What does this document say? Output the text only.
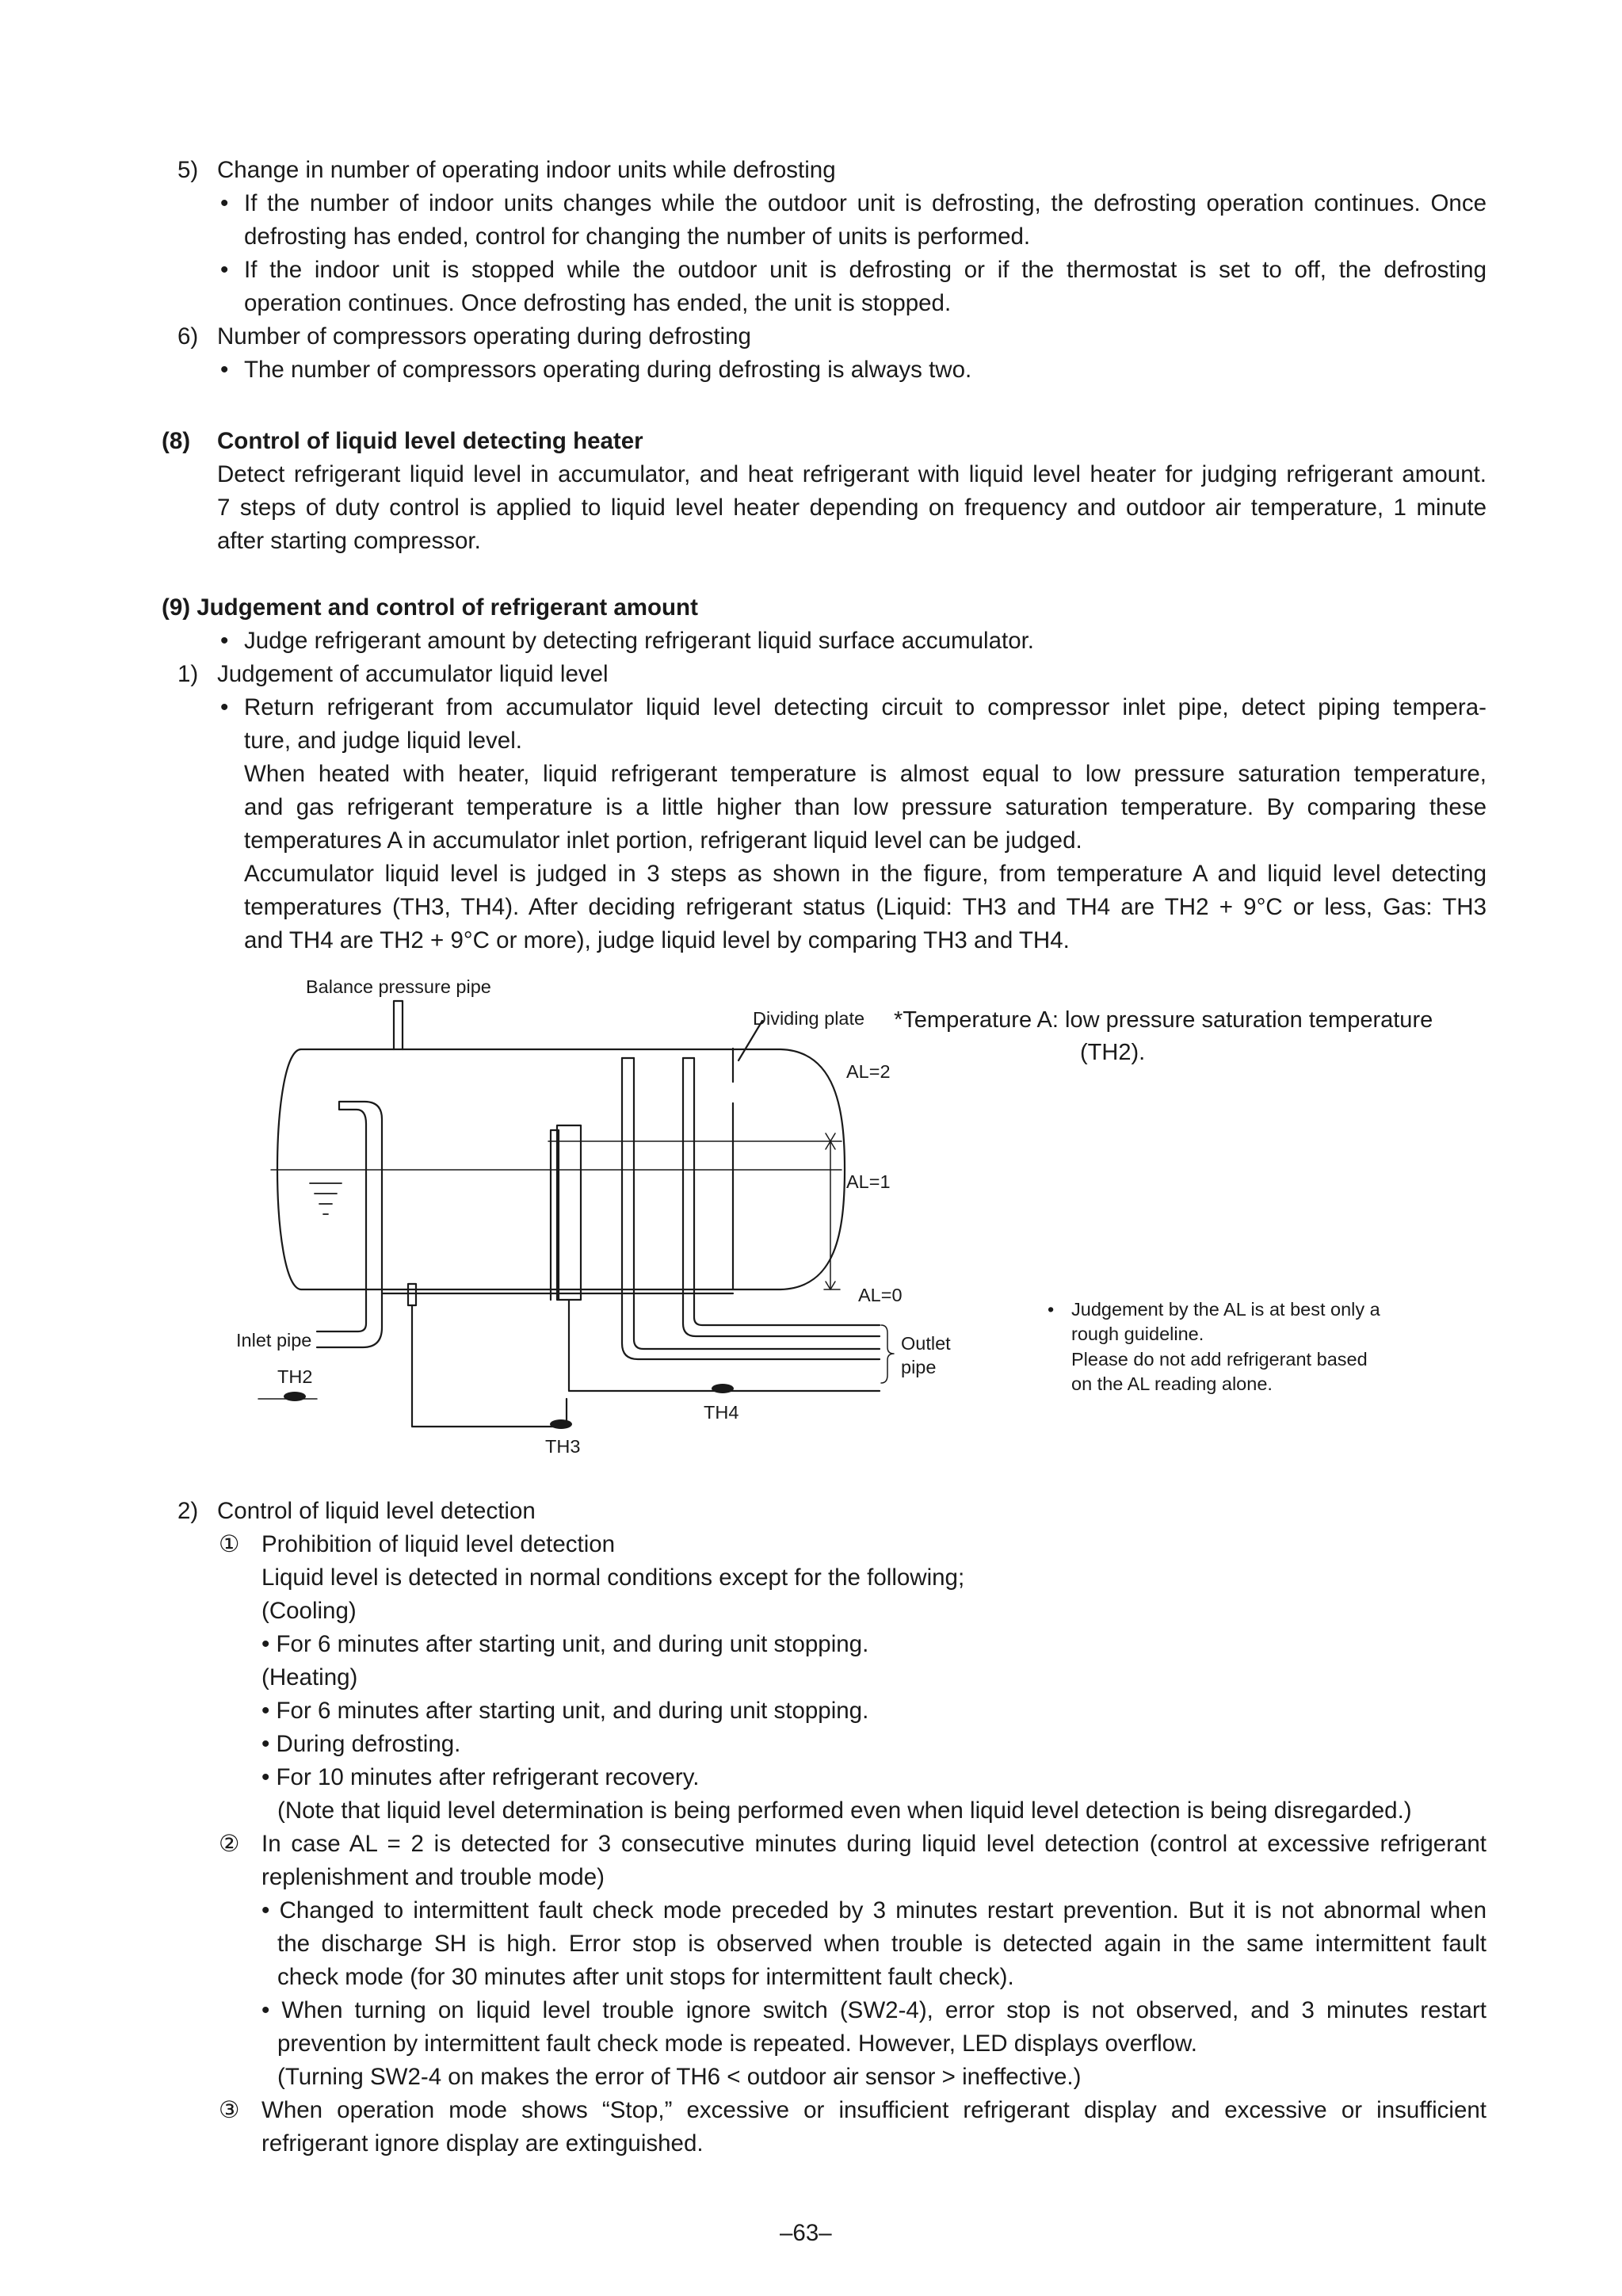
5) Change in number of operating indoor units while defrosting
• If the number of indoor units changes while the outdoor unit is defrosting, the defrosting operation continues. Once
defrosting has ended, control for changing the number of units is performed.
• If the indoor unit is stopped while the outdoor unit is defrosting or if the thermostat is set to off, the defrosting
operation continues. Once defrosting has ended, the unit is stopped.
6) Number of compressors operating during defrosting
• The number of compressors operating during defrosting is always two.
(8) Control of liquid level detecting heater
Detect refrigerant liquid level in accumulator, and heat refrigerant with liquid level heater for judging refrigerant amount.
7 steps of duty control is applied to liquid level heater depending on frequency and outdoor air temperature, 1 minute
after starting compressor.
(9) Judgement and control of refrigerant amount
• Judge refrigerant amount by detecting refrigerant liquid surface accumulator.
1) Judgement of accumulator liquid level
• Return refrigerant from accumulator liquid level detecting circuit to compressor inlet pipe, detect piping tempera-
ture, and judge liquid level.
When heated with heater, liquid refrigerant temperature is almost equal to low pressure saturation temperature,
and gas refrigerant temperature is a little higher than low pressure saturation temperature. By comparing these
temperatures A in accumulator inlet portion, refrigerant liquid level can be judged.
Accumulator liquid level is judged in 3 steps as shown in the figure, from temperature A and liquid level detecting
temperatures (TH3, TH4). After deciding refrigerant status (Liquid: TH3 and TH4 are TH2 + 9°C or less, Gas: TH3
and TH4 are TH2 + 9°C or more), judge liquid level by comparing TH3 and TH4.
Balance pressure pipe
Dividing plate
AL=2
AL=1
AL=0
Inlet pipe
TH2
TH3
TH4
Outlet
pipe
*Temperature A: low pressure saturation temperature
(TH2).
• Judgement by the AL is at best only a
rough guideline.
Please do not add refrigerant based
on the AL reading alone.
2) Control of liquid level detection
① Prohibition of liquid level detection
Liquid level is detected in normal conditions except for the following;
(Cooling)
• For 6 minutes after starting unit, and during unit stopping.
(Heating)
• For 6 minutes after starting unit, and during unit stopping.
• During defrosting.
• For 10 minutes after refrigerant recovery.
(Note that liquid level determination is being performed even when liquid level detection is being disregarded.)
② In case AL = 2 is detected for 3 consecutive minutes during liquid level detection (control at excessive refrigerant
replenishment and trouble mode)
• Changed to intermittent fault check mode preceded by 3 minutes restart prevention. But it is not abnormal when
the discharge SH is high. Error stop is observed when trouble is detected again in the same intermittent fault
check mode (for 30 minutes after unit stops for intermittent fault check).
• When turning on liquid level trouble ignore switch (SW2-4), error stop is not observed, and 3 minutes restart
prevention by intermittent fault check mode is repeated. However, LED displays overflow.
(Turning SW2-4 on makes the error of TH6 < outdoor air sensor > ineffective.)
③ When operation mode shows “Stop,” excessive or insufficient refrigerant display and excessive or insufficient
refrigerant ignore display are extinguished.
–63–
